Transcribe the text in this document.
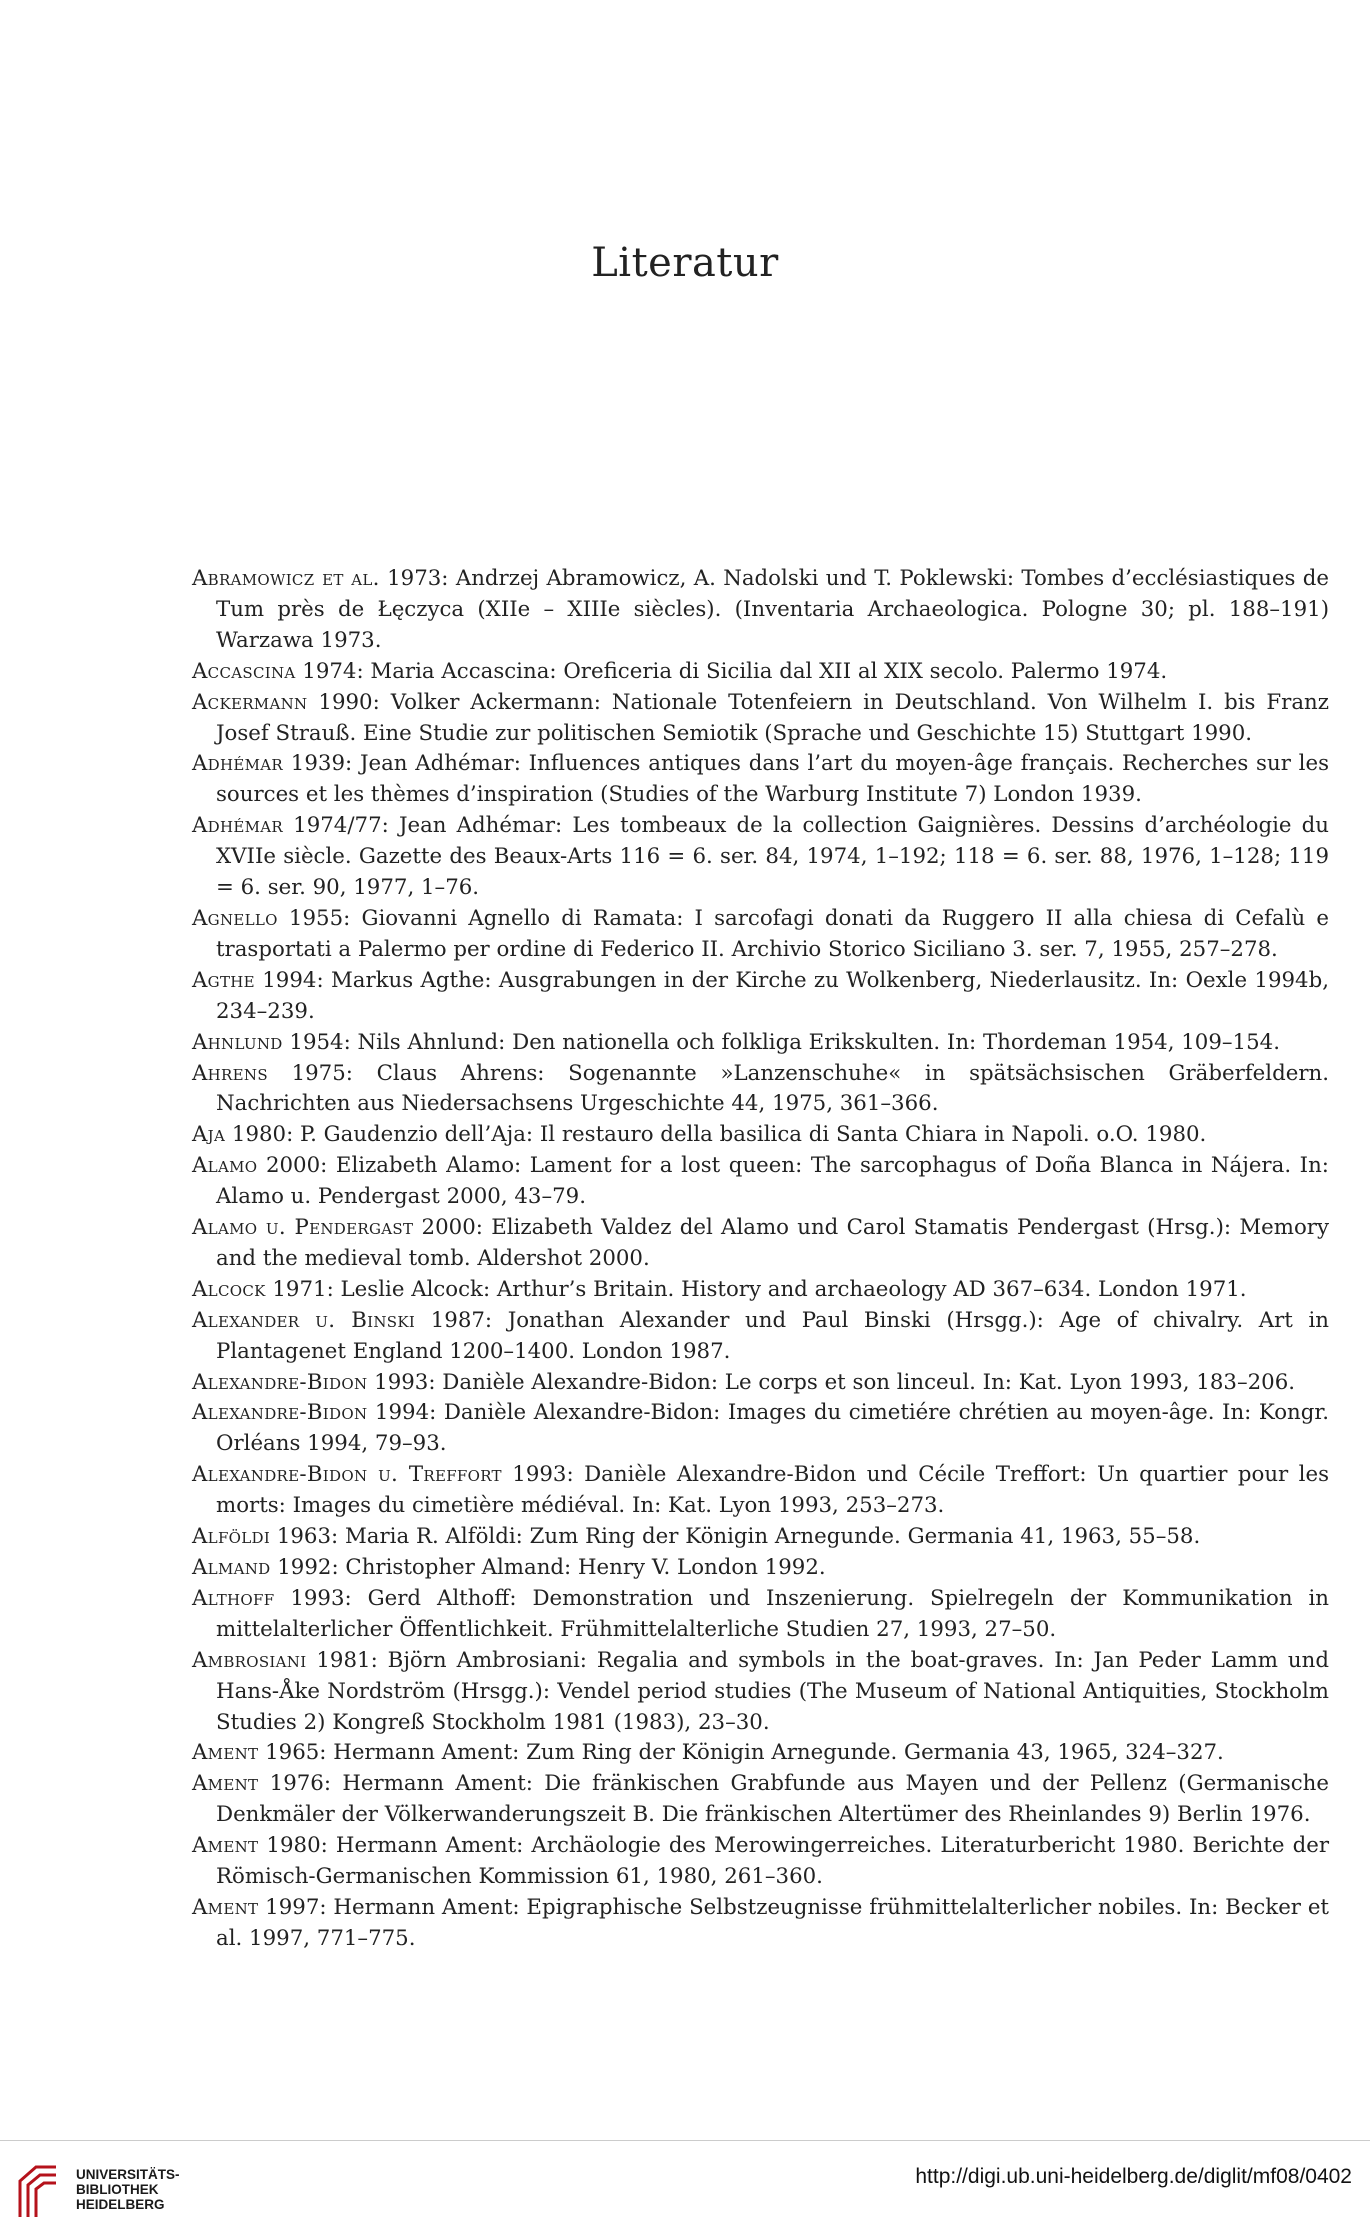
Literatur
Abramowicz et al. 1973: Andrzej Abramowicz, A. Nadolski und T. Poklewski: Tombes d’ecclésiastiques de Tum près de Łęczyca (XIIe – XIIIe siècles). (Inventaria Archaeologica. Pologne 30; pl. 188–191) Warzawa 1973.
Accascina 1974: Maria Accascina: Oreficeria di Sicilia dal XII al XIX secolo. Palermo 1974.
Ackermann 1990: Volker Ackermann: Nationale Totenfeiern in Deutschland. Von Wilhelm I. bis Franz Josef Strauß. Eine Studie zur politischen Semiotik (Sprache und Geschichte 15) Stuttgart 1990.
Adhémar 1939: Jean Adhémar: Influences antiques dans l’art du moyen-âge français. Recherches sur les sources et les thèmes d’inspiration (Studies of the Warburg Institute 7) London 1939.
Adhémar 1974/77: Jean Adhémar: Les tombeaux de la collection Gaignières. Dessins d’archéologie du XVIIe siècle. Gazette des Beaux-Arts 116 = 6. ser. 84, 1974, 1–192; 118 = 6. ser. 88, 1976, 1–128; 119 = 6. ser. 90, 1977, 1–76.
Agnello 1955: Giovanni Agnello di Ramata: I sarcofagi donati da Ruggero II alla chiesa di Cefalù e trasportati a Palermo per ordine di Federico II. Archivio Storico Siciliano 3. ser. 7, 1955, 257–278.
Agthe 1994: Markus Agthe: Ausgrabungen in der Kirche zu Wolkenberg, Niederlausitz. In: Oexle 1994b, 234–239.
Ahnlund 1954: Nils Ahnlund: Den nationella och folkliga Erikskulten. In: Thordeman 1954, 109–154.
Ahrens 1975: Claus Ahrens: Sogenannte »Lanzenschuhe« in spätsächsischen Gräberfeldern. Nachrichten aus Niedersachsens Urgeschichte 44, 1975, 361–366.
Aja 1980: P. Gaudenzio dell’Aja: Il restauro della basilica di Santa Chiara in Napoli. o.O. 1980.
Alamo 2000: Elizabeth Alamo: Lament for a lost queen: The sarcophagus of Doña Blanca in Nájera. In: Alamo u. Pendergast 2000, 43–79.
Alamo u. Pendergast 2000: Elizabeth Valdez del Alamo und Carol Stamatis Pendergast (Hrsg.): Memory and the medieval tomb. Aldershot 2000.
Alcock 1971: Leslie Alcock: Arthur’s Britain. History and archaeology AD 367–634. London 1971.
Alexander u. Binski 1987: Jonathan Alexander und Paul Binski (Hrsgg.): Age of chivalry. Art in Plantagenet England 1200–1400. London 1987.
Alexandre-Bidon 1993: Danièle Alexandre-Bidon: Le corps et son linceul. In: Kat. Lyon 1993, 183–206.
Alexandre-Bidon 1994: Danièle Alexandre-Bidon: Images du cimetiére chrétien au moyen-âge. In: Kongr. Orléans 1994, 79–93.
Alexandre-Bidon u. Treffort 1993: Danièle Alexandre-Bidon und Cécile Treffort: Un quartier pour les morts: Images du cimetière médiéval. In: Kat. Lyon 1993, 253–273.
Alföldi 1963: Maria R. Alföldi: Zum Ring der Königin Arnegunde. Germania 41, 1963, 55–58.
Almand 1992: Christopher Almand: Henry V. London 1992.
Althoff 1993: Gerd Althoff: Demonstration und Inszenierung. Spielregeln der Kommunikation in mittelalterlicher Öffentlichkeit. Frühmittelalterliche Studien 27, 1993, 27–50.
Ambrosiani 1981: Björn Ambrosiani: Regalia and symbols in the boat-graves. In: Jan Peder Lamm und Hans-Åke Nordström (Hrsgg.): Vendel period studies (The Museum of National Antiquities, Stockholm Studies 2) Kongreß Stockholm 1981 (1983), 23–30.
Ament 1965: Hermann Ament: Zum Ring der Königin Arnegunde. Germania 43, 1965, 324–327.
Ament 1976: Hermann Ament: Die fränkischen Grabfunde aus Mayen und der Pellenz (Germanische Denkmäler der Völkerwanderungszeit B. Die fränkischen Altertümer des Rheinlandes 9) Berlin 1976.
Ament 1980: Hermann Ament: Archäologie des Merowingerreiches. Literaturbericht 1980. Berichte der Römisch-Germanischen Kommission 61, 1980, 261–360.
Ament 1997: Hermann Ament: Epigraphische Selbstzeugnisse frühmittelalterlicher nobiles. In: Becker et al. 1997, 771–775.
UNIVERSITÄTS-
BIBLIOTHEK
HEIDELBERG
http://digi.ub.uni-heidelberg.de/diglit/mf08/0402
